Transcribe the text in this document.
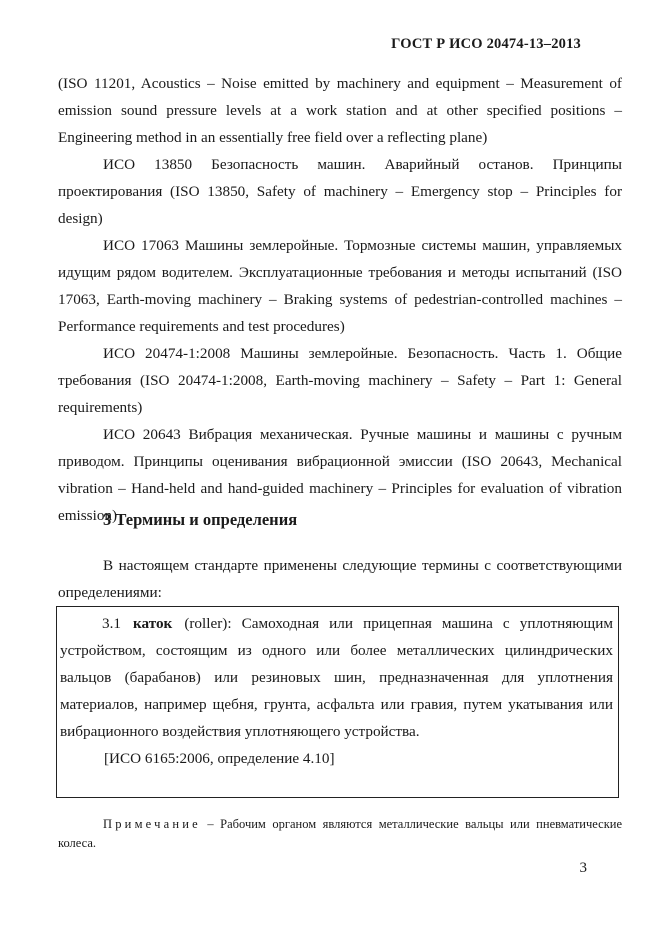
ГОСТ Р ИСО 20474-13–2013

(ISO 11201, Acoustics – Noise emitted by machinery and equipment – Measurement of emission sound pressure levels at a work station and at other specified positions – Engineering method in an essentially free field over a reflecting plane)

ИСО 13850 Безопасность машин. Аварийный останов. Принципы проектирования (ISO 13850, Safety of machinery – Emergency stop – Principles for design)

ИСО 17063 Машины землеройные. Тормозные системы машин, управляемых идущим рядом водителем. Эксплуатационные требования и методы испытаний (ISO 17063, Earth-moving machinery – Braking systems of pedestrian-controlled machines – Performance requirements and test procedures)

ИСО 20474-1:2008 Машины землеройные. Безопасность. Часть 1. Общие требования (ISO 20474-1:2008, Earth-moving machinery – Safety – Part 1: General requirements)

ИСО 20643 Вибрация механическая. Ручные машины и машины с ручным приводом. Принципы оценивания вибрационной эмиссии (ISO 20643, Mechanical vibration – Hand-held and hand-guided machinery – Principles for evaluation of vibration emission)

3 Термины и определения

В настоящем стандарте применены следующие термины с соответствующими определениями:

3.1 каток (roller): Самоходная или прицепная машина с уплотняющим устройством, состоящим из одного или более металлических цилиндрических вальцов (барабанов) или резиновых шин, предназначенная для уплотнения материалов, например щебня, грунта, асфальта или гравия, путем укатывания или вибрационного воздействия уплотняющего устройства.

[ИСО 6165:2006, определение 4.10]

Примечание – Рабочим органом являются металлические вальцы или пневматические колеса.

3
